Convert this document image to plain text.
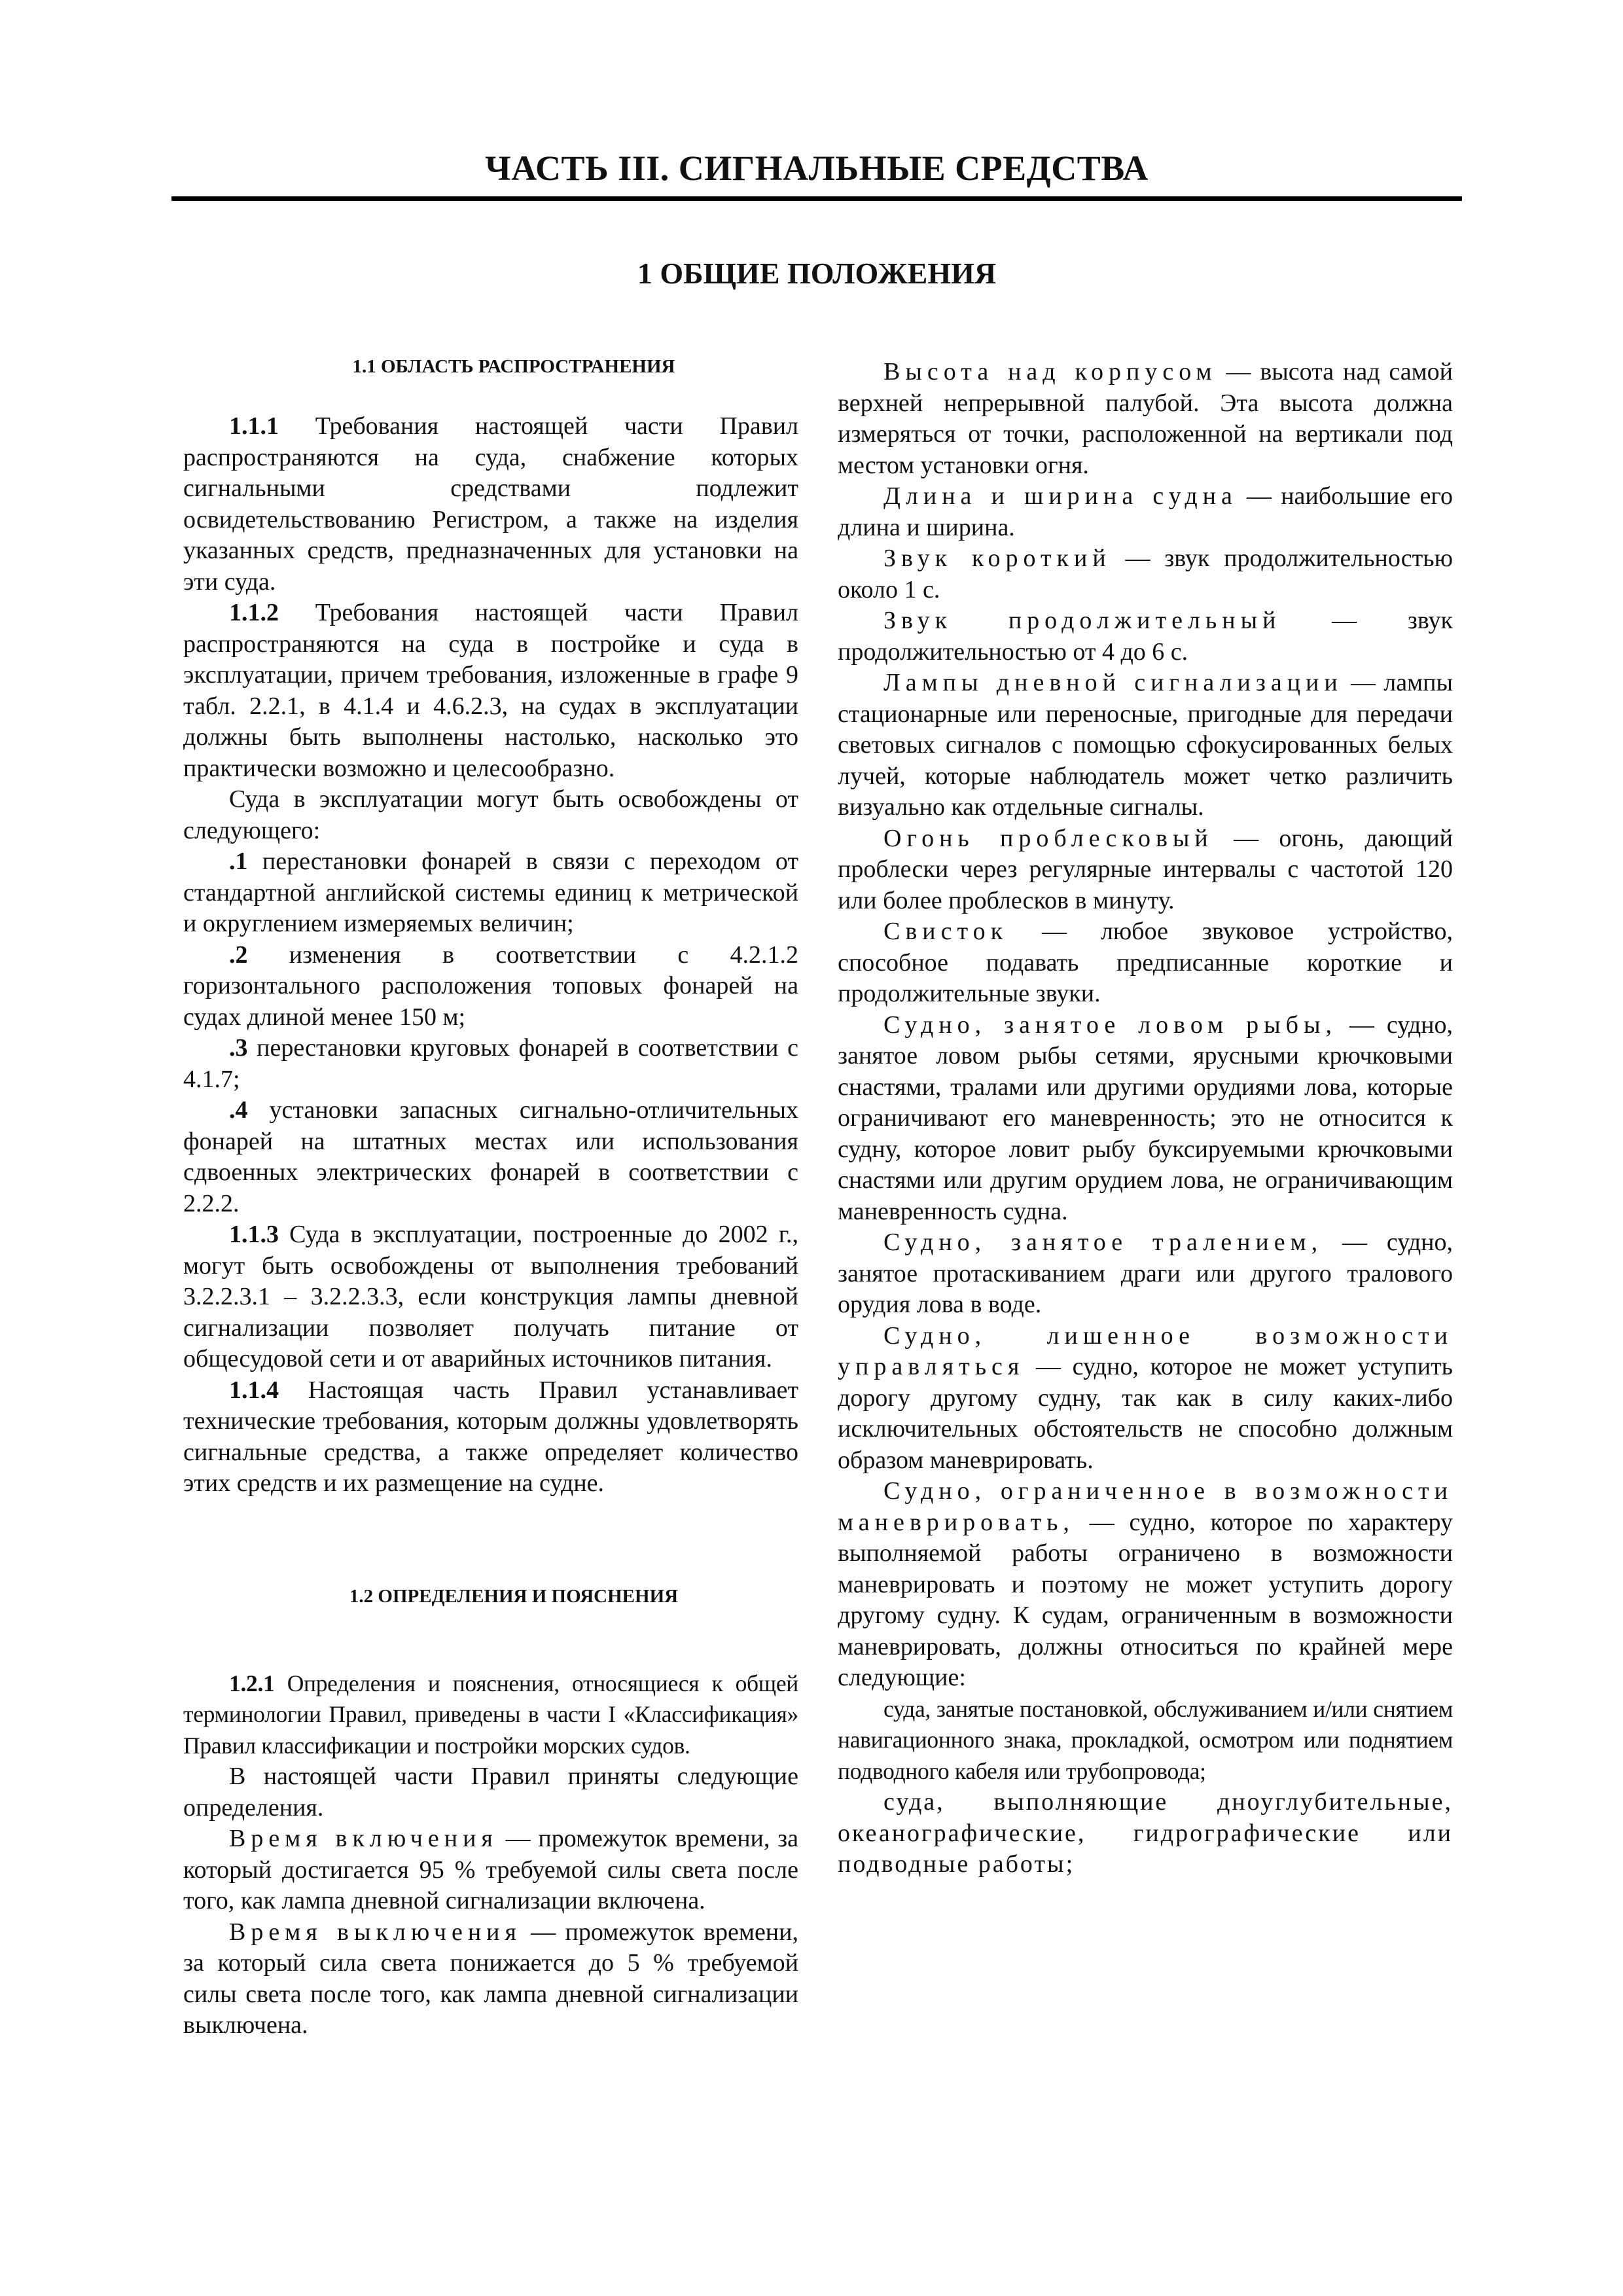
ЧАСТЬ III. СИГНАЛЬНЫЕ СРЕДСТВА
1 ОБЩИЕ ПОЛОЖЕНИЯ

1.1 ОБЛАСТЬ РАСПРОСТРАНЕНИЯ

1.1.1 Требования настоящей части Правил распространяются на суда, снабжение которых сигнальными средствами подлежит освидетельствованию Регистром, а также на изделия указанных средств, предназначенных для установки на эти суда.

1.1.2 Требования настоящей части Правил распространяются на суда в постройке и суда в эксплуатации, причем требования, изложенные в графе 9 табл. 2.2.1, в 4.1.4 и 4.6.2.3, на судах в эксплуатации должны быть выполнены настолько, насколько это практически возможно и целесообразно.

Суда в эксплуатации могут быть освобождены от следующего:

.1 перестановки фонарей в связи с переходом от стандартной английской системы единиц к метрической и округлением измеряемых величин;

.2 изменения в соответствии с 4.2.1.2 горизонтального расположения топовых фонарей на судах длиной менее 150 м;

.3 перестановки круговых фонарей в соответствии с 4.1.7;

.4 установки запасных сигнально-отличительных фонарей на штатных местах или использования сдвоенных электрических фонарей в соответствии с 2.2.2.

1.1.3 Суда в эксплуатации, построенные до 2002 г., могут быть освобождены от выполнения требований 3.2.2.3.1 – 3.2.2.3.3, если конструкция лампы дневной сигнализации позволяет получать питание от общесудовой сети и от аварийных источников питания.

1.1.4 Настоящая часть Правил устанавливает технические требования, которым должны удовлетворять сигнальные средства, а также определяет количество этих средств и их размещение на судне.

1.2 ОПРЕДЕЛЕНИЯ И ПОЯСНЕНИЯ

1.2.1 Определения и пояснения, относящиеся к общей терминологии Правил, приведены в части I «Классификация» Правил классификации и постройки морских судов.

В настоящей части Правил приняты следующие определения.

Время включения — промежуток времени, за который достигается 95 % требуемой силы света после того, как лампа дневной сигнализации включена.

Время выключения — промежуток времени, за который сила света понижается до 5 % требуемой силы света после того, как лампа дневной сигнализации выключена.

Высота над корпусом — высота над самой верхней непрерывной палубой. Эта высота должна измеряться от точки, расположенной на вертикали под местом установки огня.

Длина и ширина судна — наибольшие его длина и ширина.

Звук короткий — звук продолжительностью около 1 с.

Звук продолжительный — звук продолжительностью от 4 до 6 с.

Лампы дневной сигнализации — лампы стационарные или переносные, пригодные для передачи световых сигналов с помощью сфокусированных белых лучей, которые наблюдатель может четко различить визуально как отдельные сигналы.

Огонь проблесковый — огонь, дающий проблески через регулярные интервалы с частотой 120 или более проблесков в минуту.

Свисток — любое звуковое устройство, способное подавать предписанные короткие и продолжительные звуки.

Судно, занятое ловом рыбы, — судно, занятое ловом рыбы сетями, ярусными крючковыми снастями, тралами или другими орудиями лова, которые ограничивают его маневренность; это не относится к судну, которое ловит рыбу буксируемыми крючковыми снастями или другим орудием лова, не ограничивающим маневренность судна.

Судно, занятое тралением, — судно, занятое протаскиванием драги или другого тралового орудия лова в воде.

Судно, лишенное возможности управляться — судно, которое не может уступить дорогу другому судну, так как в силу каких-либо исключительных обстоятельств не способно должным образом маневрировать.

Судно, ограниченное в возможности маневрировать, — судно, которое по характеру выполняемой работы ограничено в возможности маневрировать и поэтому не может уступить дорогу другому судну. К судам, ограниченным в возможности маневрировать, должны относиться по крайней мере следующие:

суда, занятые постановкой, обслуживанием и/или снятием навигационного знака, прокладкой, осмотром или поднятием подводного кабеля или трубопровода;

суда, выполняющие дноуглубительные, океанографические, гидрографические или подводные работы;
